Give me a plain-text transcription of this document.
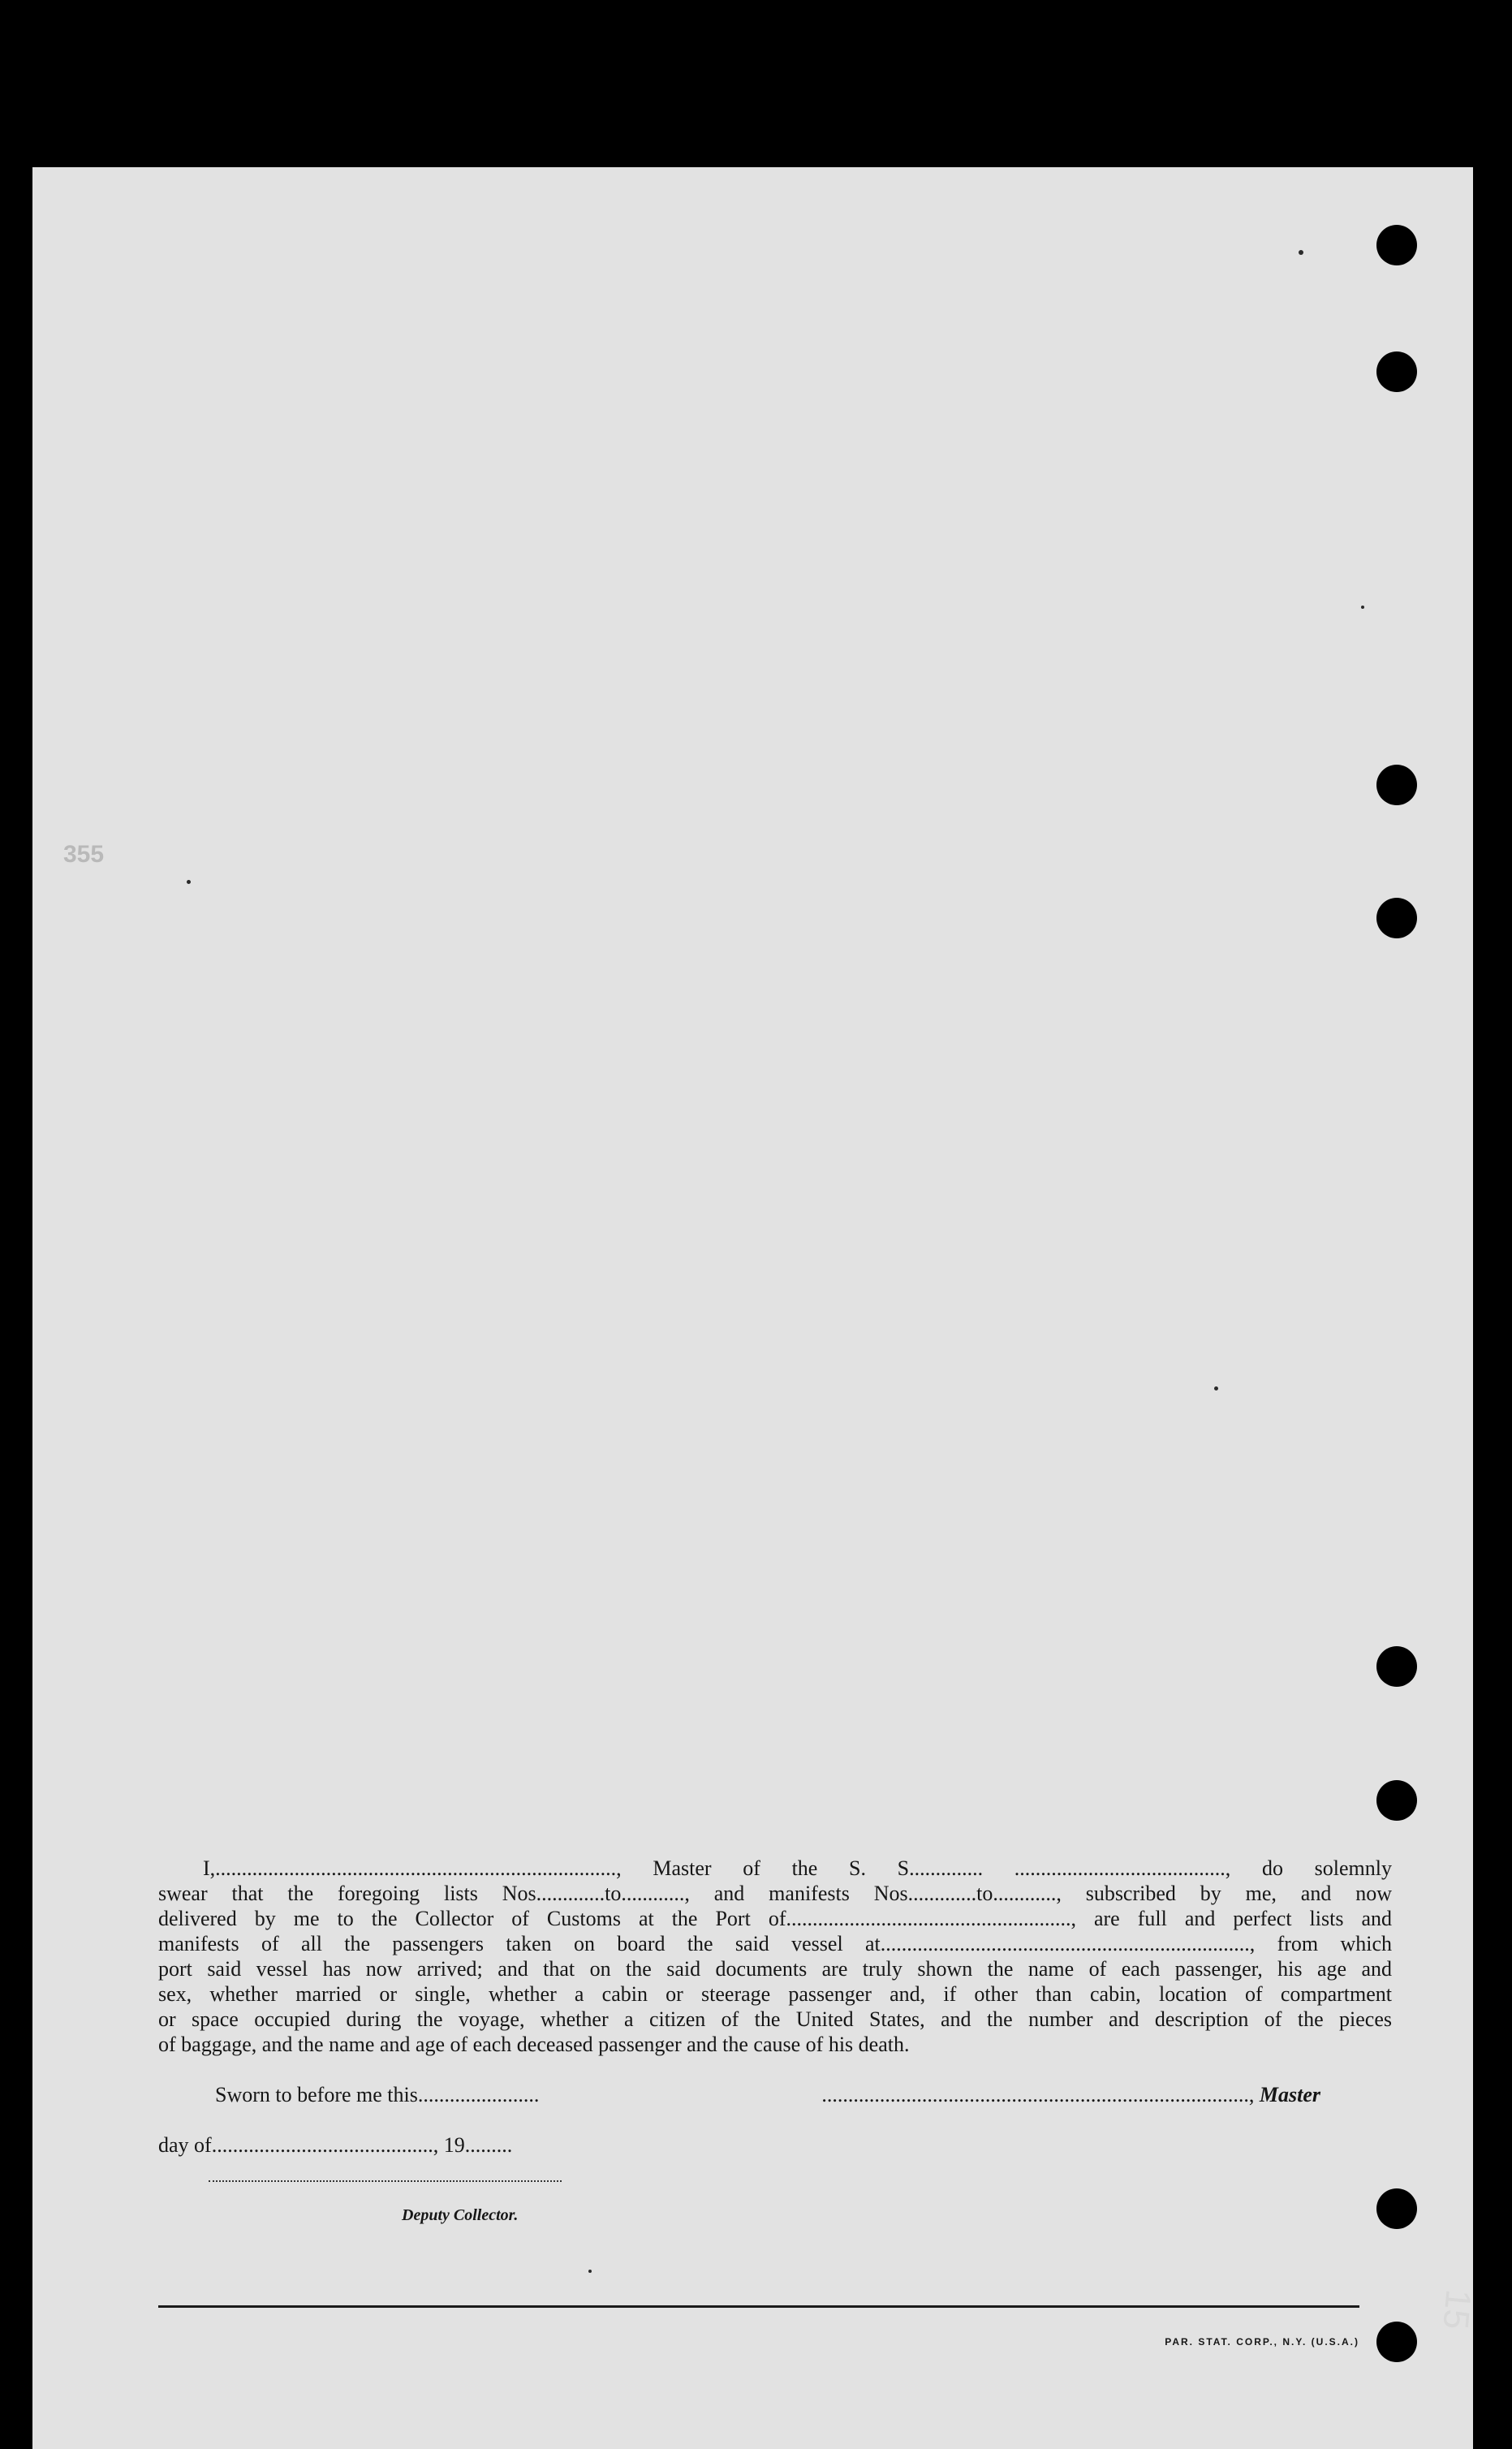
355

I,............................................................................, Master of the S. S.............. ........................................, do solemnly
swear that the foregoing lists Nos.............to............, and manifests Nos.............to............, subscribed by me, and now
delivered by me to the Collector of Customs at the Port of......................................................, are full and perfect lists and
manifests of all the passengers taken on board the said vessel at......................................................................, from which
port said vessel has now arrived; and that on the said documents are truly shown the name of each passenger, his age and
sex, whether married or single, whether a cabin or steerage passenger and, if other than cabin, location of compartment
or space occupied during the voyage, whether a citizen of the United States, and the number and description of the pieces
of baggage, and the name and age of each deceased passenger and the cause of his death.

Sworn to before me this.......................	................................................................................., Master
day of.........................................., 19.........
Deputy Collector.
PAR. STAT. CORP., N.Y. (U.S.A.)
15
